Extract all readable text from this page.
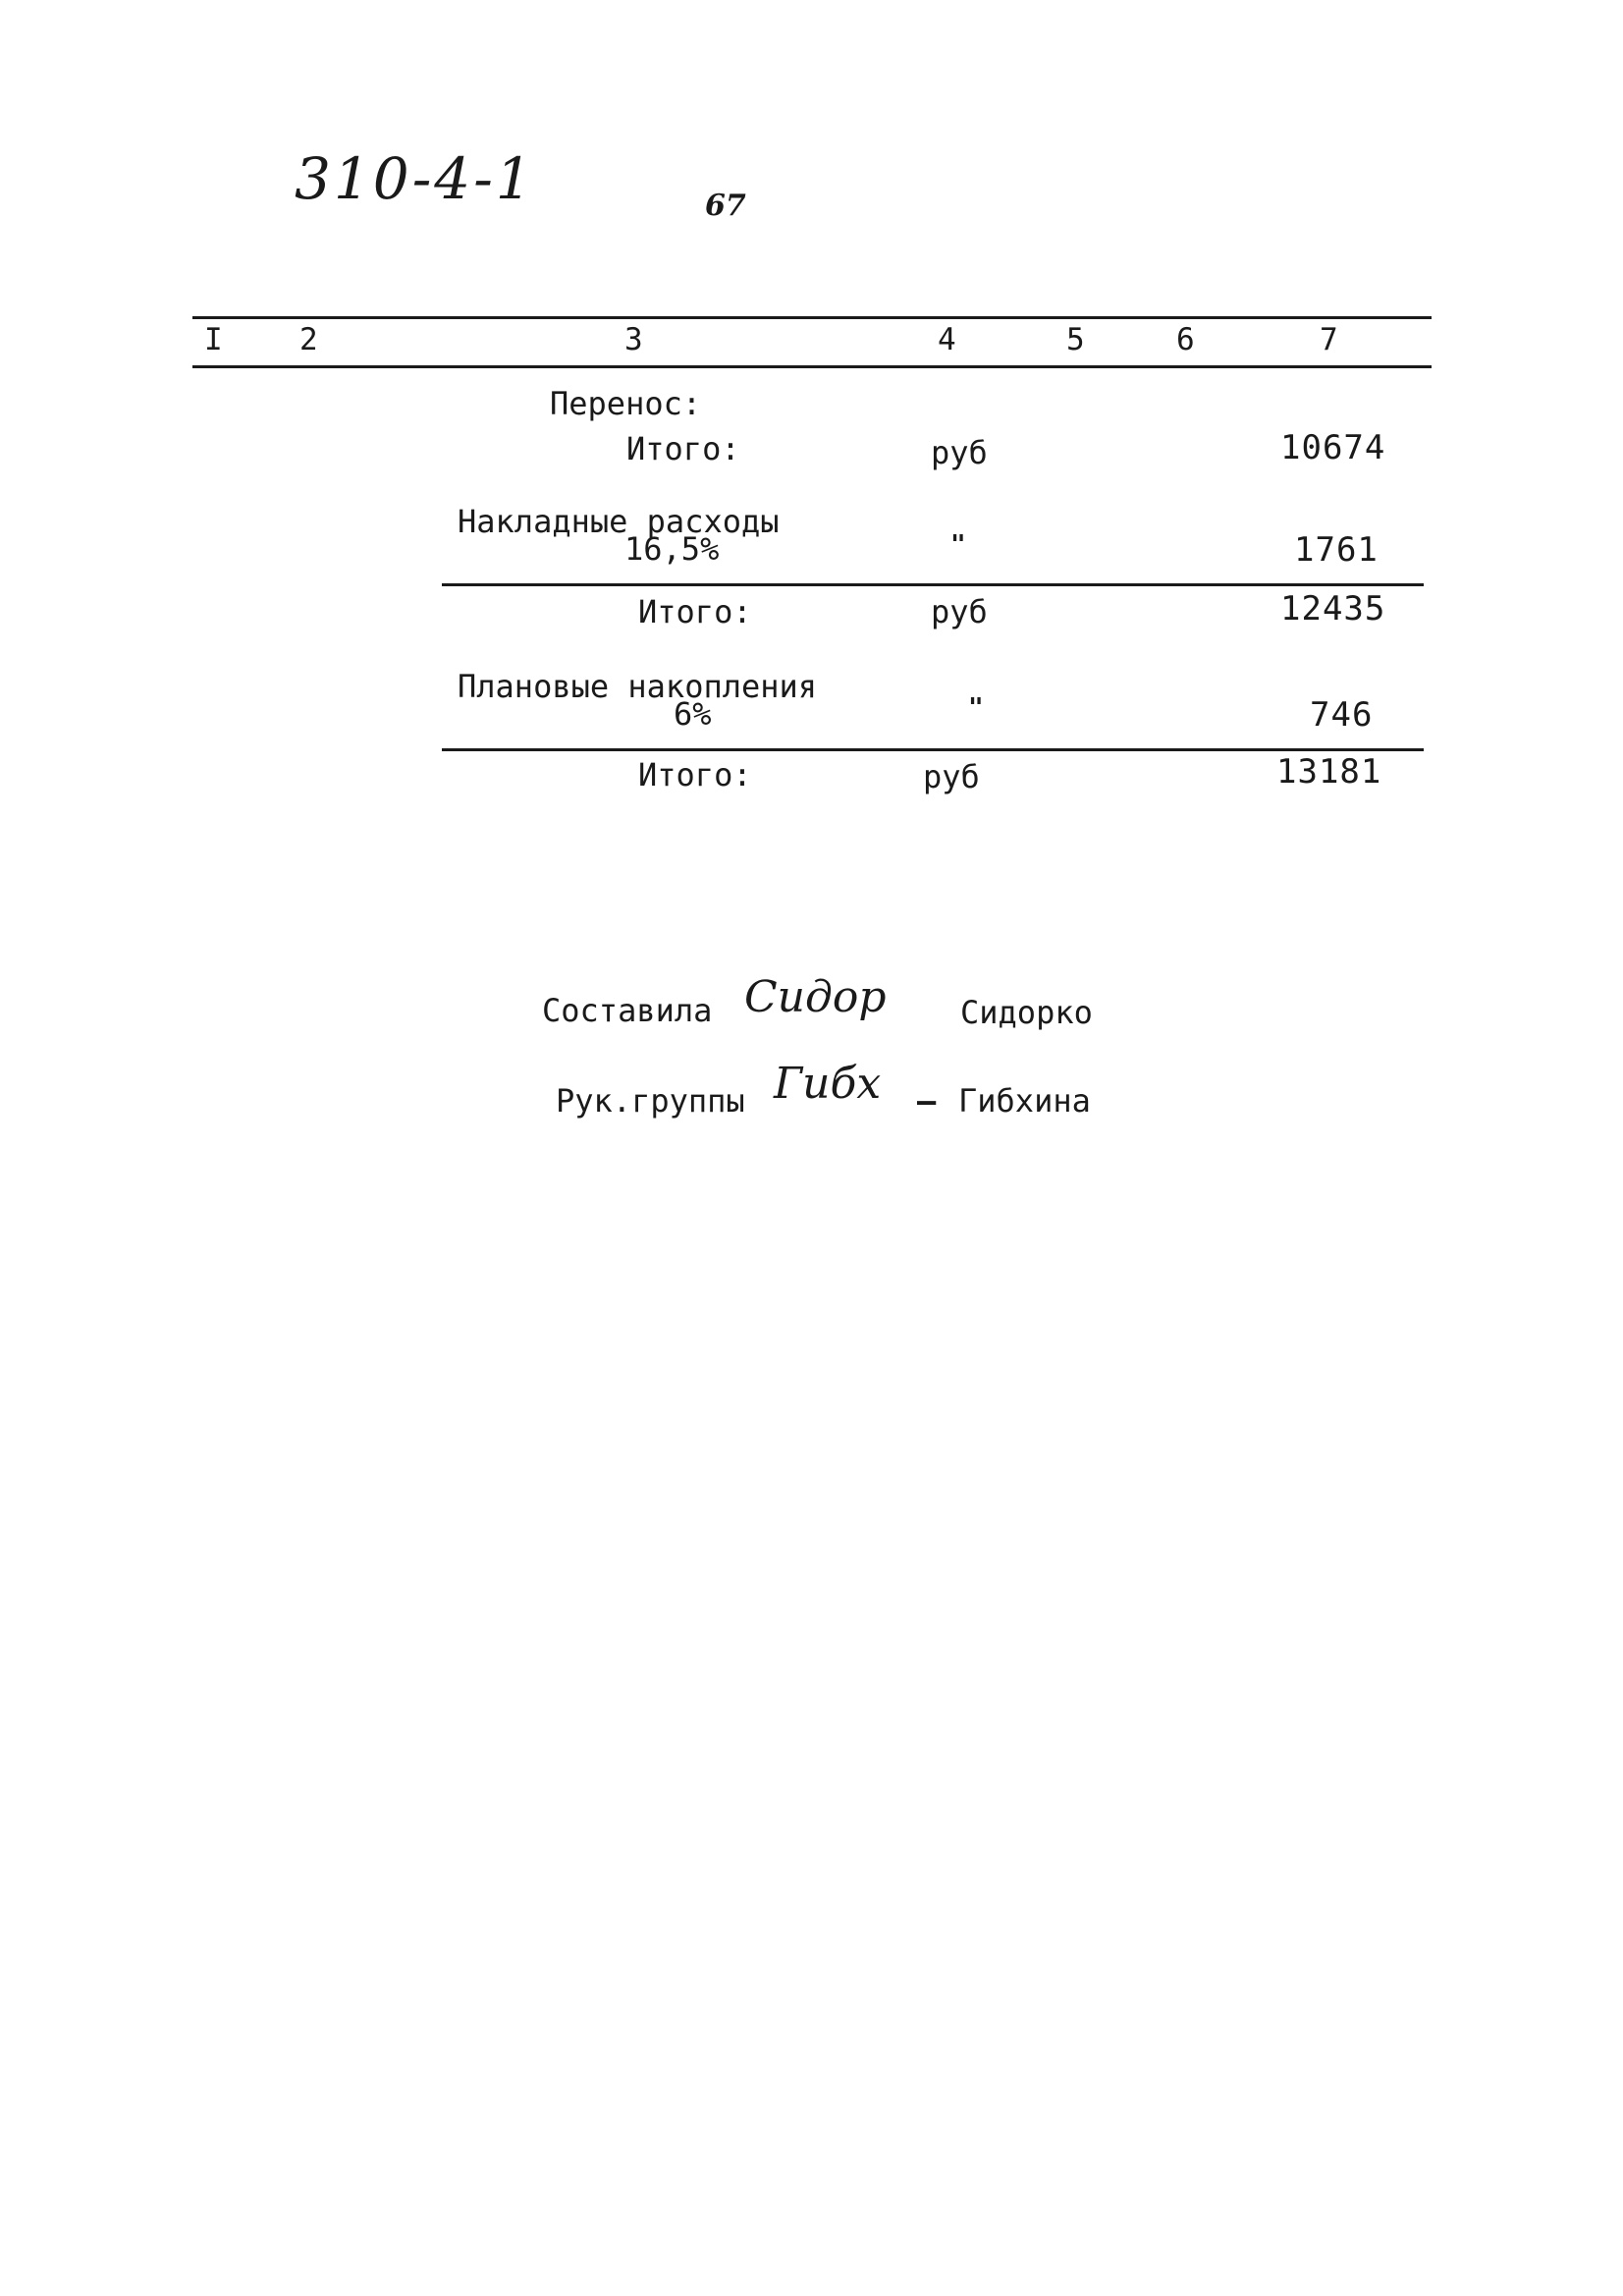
310-4-1	67
I	2	3	4	5	6	7
Перенос:
Итого:	руб	10674
Накладные расходы
16,5%	"	1761
Итого:	руб	12435
Плановые накопления
6%	"	746
Итого:	руб	13181
Составила Сидор Сидорко
Рук.группы Гибх — Гибхина
